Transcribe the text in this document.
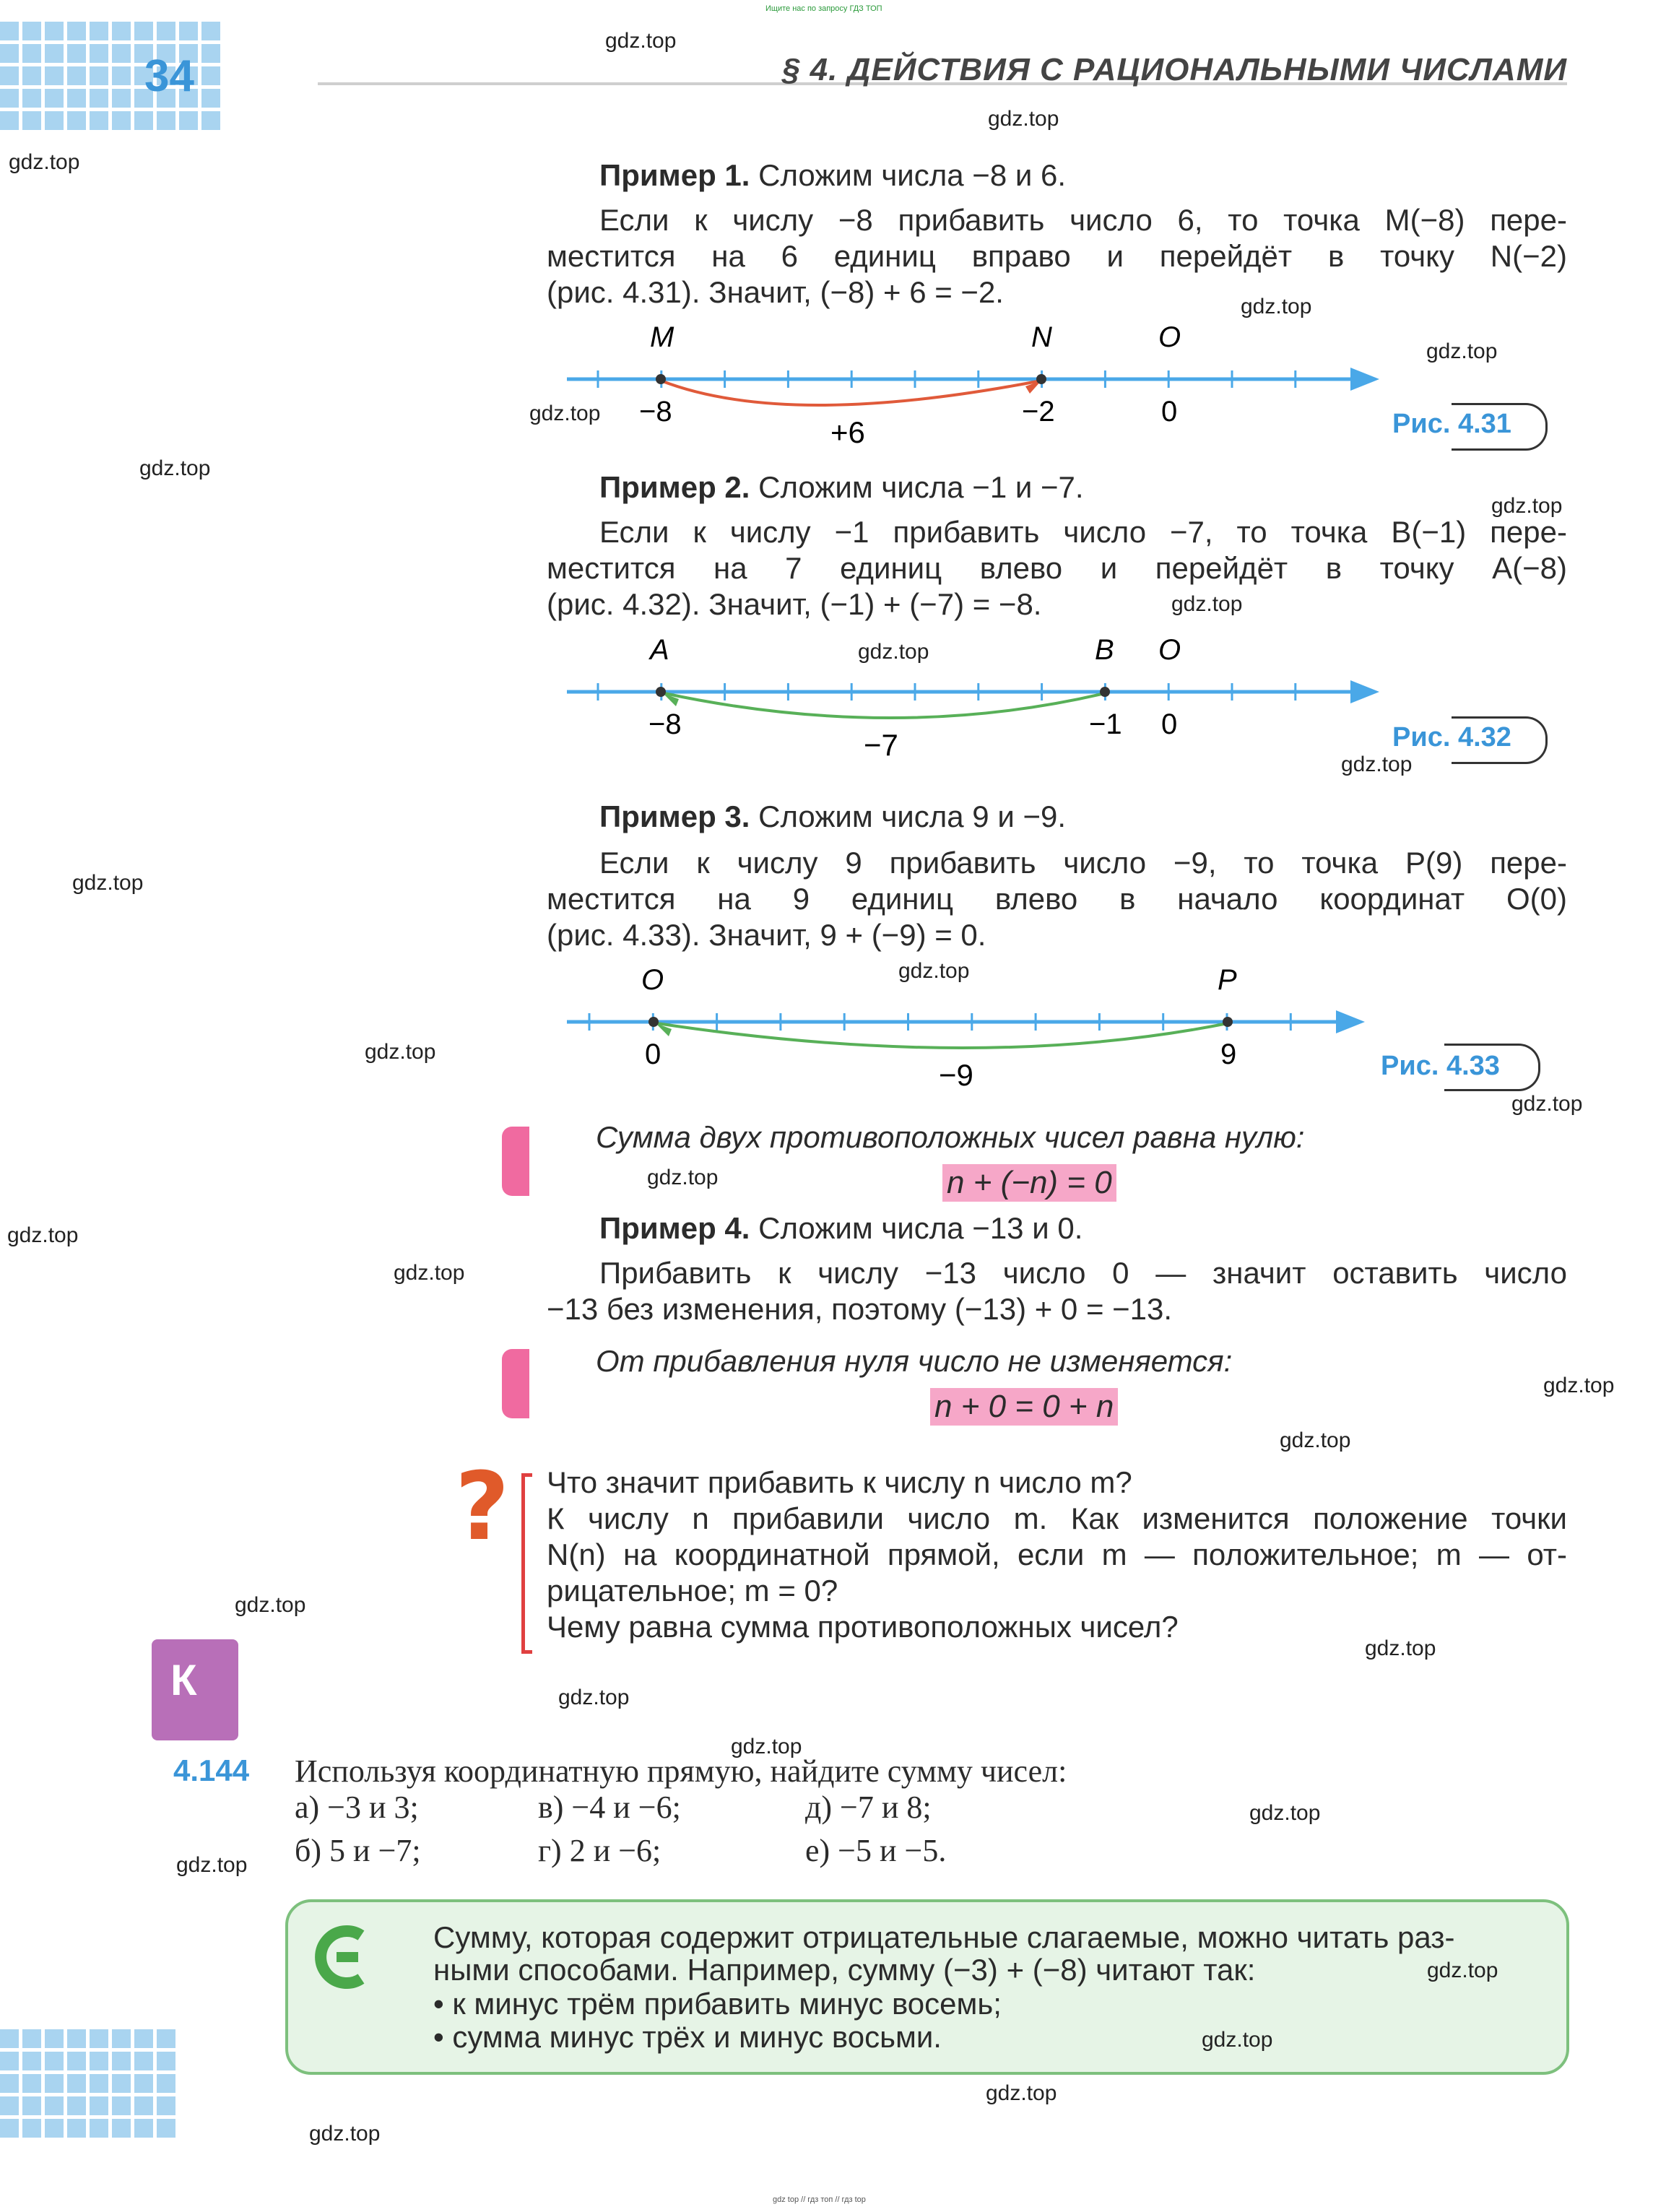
Ищите нас по запросу ГДЗ ТОП
gdz top // гдз топ // гдз top
34	§ 4. ДЕЙСТВИЯ С РАЦИОНАЛЬНЫМИ ЧИСЛАМИ
Пример 1. Сложим числа −8 и 6.
Если к числу −8 прибавить число 6, то точка M(−8) пере-
местится на 6 единиц вправо и перейдёт в точку N(−2)
(рис. 4.31). Значит, (−8) + 6 = −2.
M	N	O
−8	−2	0
+6	Рис. 4.31
Пример 2. Сложим числа −1 и −7.
Если к числу −1 прибавить число −7, то точка B(−1) пере-
местится на 7 единиц влево и перейдёт в точку A(−8)
(рис. 4.32). Значит, (−1) + (−7) = −8.
A	B O
−8	−1 0
−7	Рис. 4.32
Пример 3. Сложим числа 9 и −9.
Если к числу 9 прибавить число −9, то точка P(9) пере-
местится на 9 единиц влево в начало координат O(0)
(рис. 4.33). Значит, 9 + (−9) = 0.
O	P
0	9
−9	Рис. 4.33
Сумма двух противоположных чисел равна нулю:
n + (−n) = 0
Пример 4. Сложим числа −13 и 0.
Прибавить к числу −13 число 0 — значит оставить число
−13 без изменения, поэтому (−13) + 0 = −13.
От прибавления нуля число не изменяется:
n + 0 = 0 + n
? Что значит прибавить к числу n число m?
К числу n прибавили число m. Как изменится положение точки
N(n) на координатной прямой, если m — положительное; m — от-
рицательное; m = 0?
Чему равна сумма противоположных чисел?
К
4.144 Используя координатную прямую, найдите сумму чисел:
а) −3 и 3;	в) −4 и −6;	д) −7 и 8;
б) 5 и −7;	г) 2 и −6;	е) −5 и −5.
Сумму, которая содержит отрицательные слагаемые, можно читать раз-
ными способами. Например, сумму (−3) + (−8) читают так:
• к минус трём прибавить минус восемь;
• сумма минус трёх и минус восьми.
gdz.top
gdz.top
gdz.top
gdz.top
gdz.top
gdz.top
gdz.top
gdz.top
gdz.top
gdz.top
gdz.top
gdz.top
gdz.top
gdz.top
gdz.top
gdz.top
gdz.top
gdz.top
gdz.top
gdz.top
gdz.top
gdz.top
gdz.top
gdz.top
gdz.top
gdz.top
gdz.top
gdz.top
gdz.top
gdz.top
